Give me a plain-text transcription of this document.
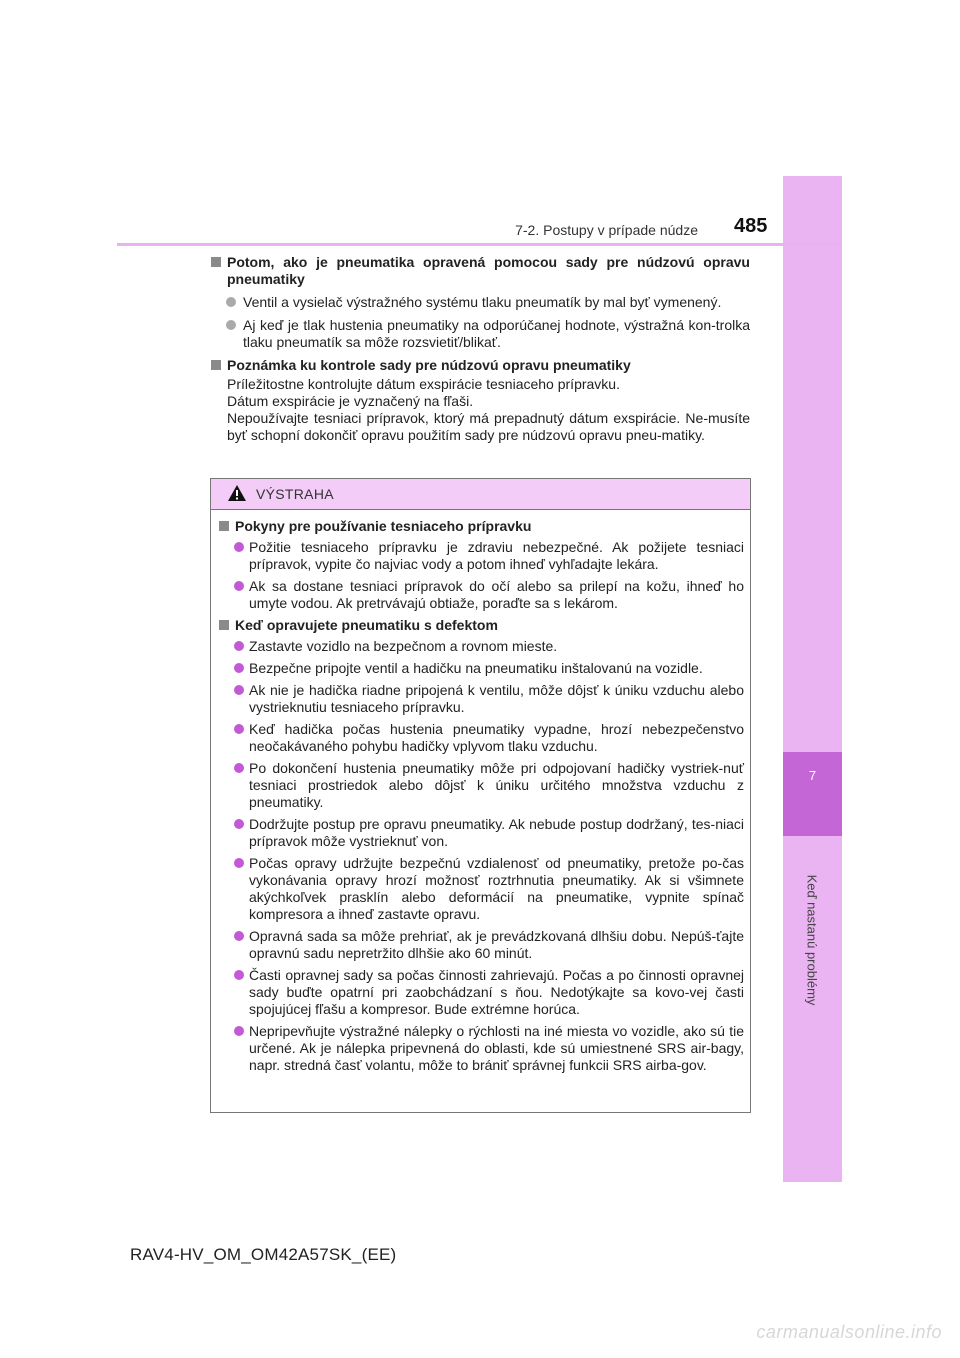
7
Keď nastanú problémy
7-2. Postupy v prípade núdze 485
Potom, ako je pneumatika opravená pomocou sady pre núdzovú opravu pneumatiky
Ventil a vysielač výstražného systému tlaku pneumatík by mal byť vymenený.
Aj keď je tlak hustenia pneumatiky na odporúčanej hodnote, výstražná kon-trolka tlaku pneumatík sa môže rozsvietiť/blikať.
Poznámka ku kontrole sady pre núdzovú opravu pneumatiky
Príležitostne kontrolujte dátum exspirácie tesniaceho prípravku.
Dátum exspirácie je vyznačený na fľaši.
Nepoužívajte tesniaci prípravok, ktorý má prepadnutý dátum exspirácie. Ne-musíte byť schopní dokončiť opravu použitím sady pre núdzovú opravu pneu-matiky.
VÝSTRAHA
Pokyny pre používanie tesniaceho prípravku
Požitie tesniaceho prípravku je zdraviu nebezpečné. Ak požijete tesniaci prípravok, vypite čo najviac vody a potom ihneď vyhľadajte lekára.
Ak sa dostane tesniaci prípravok do očí alebo sa prilepí na kožu, ihneď ho umyte vodou. Ak pretrvávajú obtiaže, poraďte sa s lekárom.
Keď opravujete pneumatiku s defektom
Zastavte vozidlo na bezpečnom a rovnom mieste.
Bezpečne pripojte ventil a hadičku na pneumatiku inštalovanú na vozidle.
Ak nie je hadička riadne pripojená k ventilu, môže dôjsť k úniku vzduchu alebo vystrieknutiu tesniaceho prípravku.
Keď hadička počas hustenia pneumatiky vypadne, hrozí nebezpečenstvo neočakávaného pohybu hadičky vplyvom tlaku vzduchu.
Po dokončení hustenia pneumatiky môže pri odpojovaní hadičky vystriek-nuť tesniaci prostriedok alebo dôjsť k úniku určitého množstva vzduchu z pneumatiky.
Dodržujte postup pre opravu pneumatiky. Ak nebude postup dodržaný, tes-niaci prípravok môže vystrieknuť von.
Počas opravy udržujte bezpečnú vzdialenosť od pneumatiky, pretože po-čas vykonávania opravy hrozí možnosť roztrhnutia pneumatiky. Ak si všimnete akýchkoľvek prasklín alebo deformácií na pneumatike, vypnite spínač kompresora a ihneď zastavte opravu.
Opravná sada sa môže prehriať, ak je prevádzkovaná dlhšiu dobu. Nepúš-ťajte opravnú sadu nepretržito dlhšie ako 60 minút.
Časti opravnej sady sa počas činnosti zahrievajú. Počas a po činnosti opravnej sady buďte opatrní pri zaobchádzaní s ňou. Nedotýkajte sa kovo-vej časti spojujúcej fľašu a kompresor. Bude extrémne horúca.
Nepripevňujte výstražné nálepky o rýchlosti na iné miesta vo vozidle, ako sú tie určené. Ak je nálepka pripevnená do oblasti, kde sú umiestnené SRS air-bagy, napr. stredná časť volantu, môže to brániť správnej funkcii SRS airba-gov.
RAV4-HV_OM_OM42A57SK_(EE)
carmanualsonline.info
